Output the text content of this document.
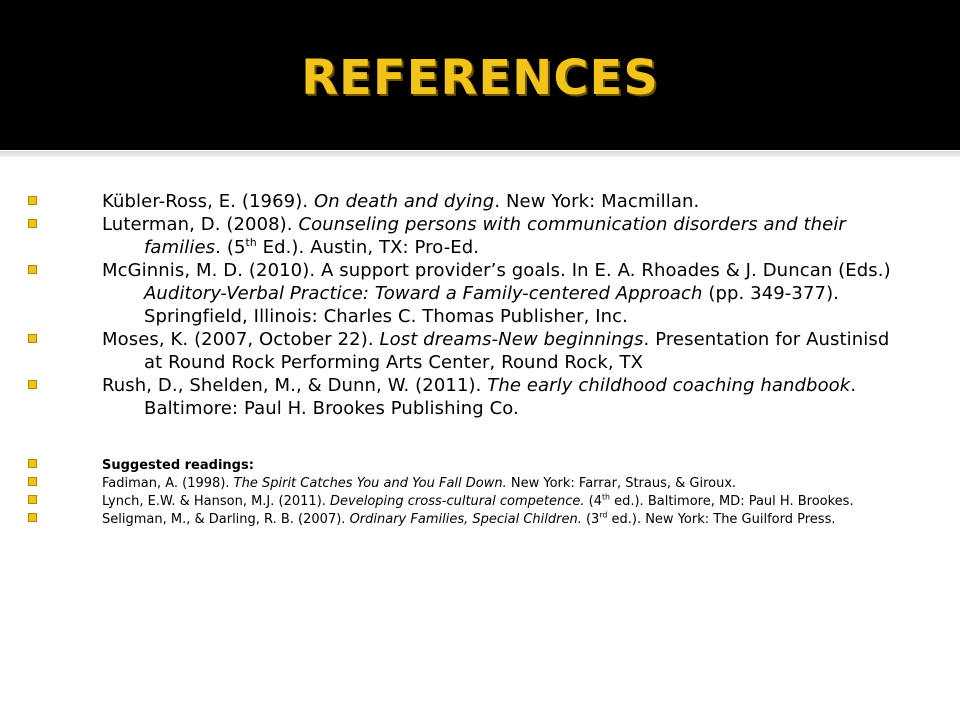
REFERENCES
Kübler-Ross, E. (1969). On death and dying. New York: Macmillan.
Luterman, D. (2008). Counseling persons with communication disorders and their families. (5th Ed.). Austin, TX: Pro-Ed.
McGinnis, M. D. (2010). A support provider’s goals. In E. A. Rhoades & J. Duncan (Eds.) Auditory-Verbal Practice: Toward a Family-centered Approach (pp. 349-377). Springfield, Illinois: Charles C. Thomas Publisher, Inc.
Moses, K. (2007, October 22). Lost dreams-New beginnings. Presentation for Austinisd at Round Rock Performing Arts Center, Round Rock, TX
Rush, D., Shelden, M., & Dunn, W. (2011). The early childhood coaching handbook. Baltimore: Paul H. Brookes Publishing Co.
Suggested readings:
Fadiman, A. (1998). The Spirit Catches You and You Fall Down. New York: Farrar, Straus, & Giroux.
Lynch, E.W. & Hanson, M.J. (2011). Developing cross-cultural competence. (4th ed.). Baltimore, MD: Paul H. Brookes.
Seligman, M., & Darling, R. B. (2007). Ordinary Families, Special Children. (3rd ed.). New York: The Guilford Press.
